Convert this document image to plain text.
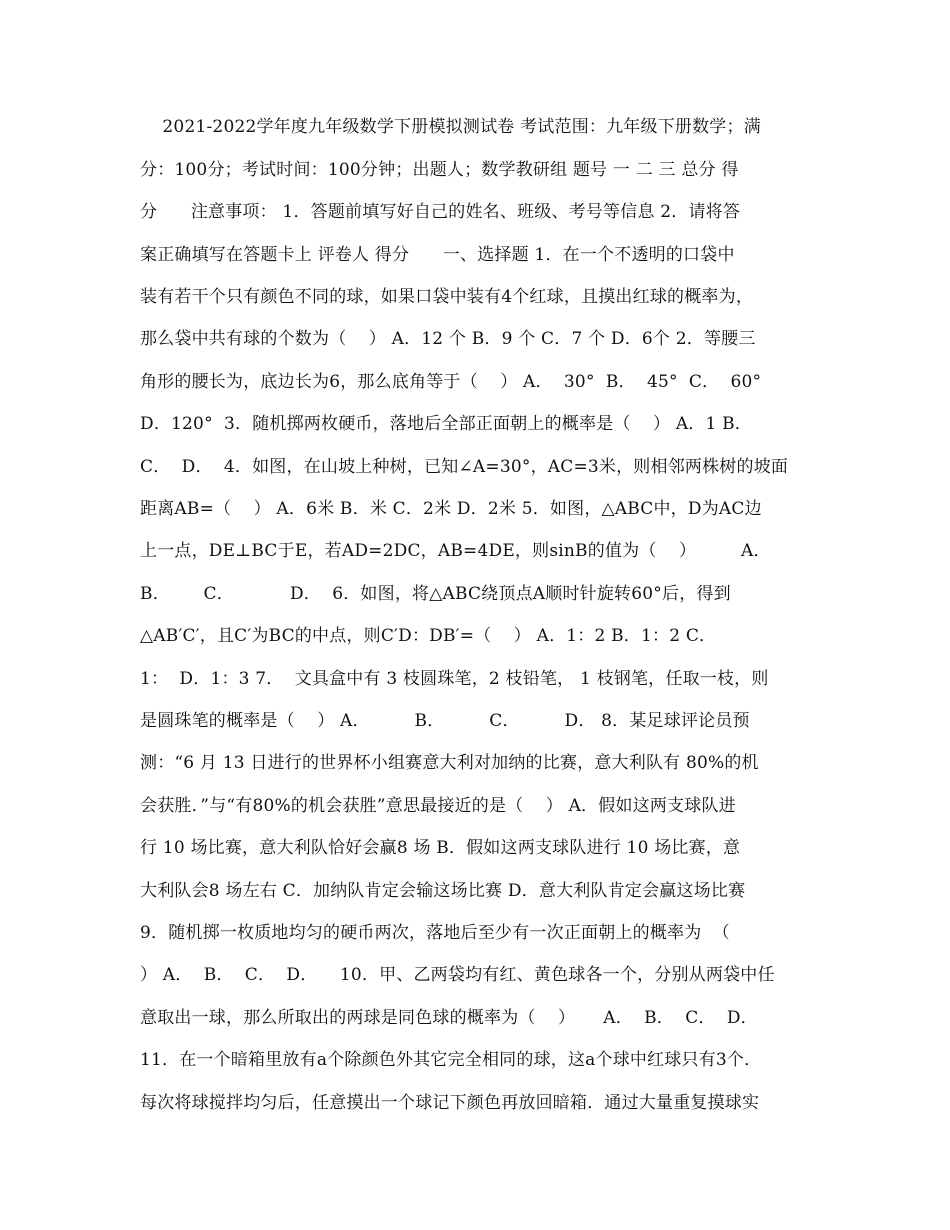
2021-2022学年度九年级数学下册模拟测试卷 考试范围：九年级下册数学；满
分：100分；考试时间：100分钟；出题人；数学教研组 题号 一 二 三 总分 得
分      注意事项： 1．答题前填写好自己的姓名、班级、考号等信息 2．请将答
案正确填写在答题卡上 评卷人 得分      一、选择题 1．在一个不透明的口袋中
装有若干个只有颜色不同的球，如果口袋中装有4个红球，且摸出红球的概率为，
那么袋中共有球的个数为（    ） A．12 个 B．9 个 C．7 个 D．6个 2．等腰三
角形的腰长为，底边长为6，那么底角等于（    ） A．  30°  B．  45°  C．  60°
D．120°  3．随机掷两枚硬币，落地后全部正面朝上的概率是（    ） A．1 B．
C．  D．  4．如图，在山坡上种树，已知∠A=30°，AC=3米，则相邻两株树的坡面
距离AB=（    ） A．6米 B．米 C．2米 D．2米 5．如图，△ABC中，D为AC边
上一点，DE⊥BC于E，若AD=2DC，AB=4DE，则sinB的值为（    ）        A．
B．      C．          D．  6．如图，将△ABC绕顶点A顺时针旋转60°后，得到
△AB′C′，且C′为BC的中点，则C′D：DB′=（    ） A．1：2 B．1：2 C．
1：  D．1：3 7．  文具盒中有 3 枝圆珠笔，2 枝铅笔， 1 枝钢笔，任取一枝，则
是圆珠笔的概率是（    ） A．        B．        C．        D． 8．某足球评论员预
测：“6 月 13 日进行的世界杯小组赛意大利对加纳的比赛，意大利队有 80%的机
会获胜．”与“有80%的机会获胜”意思最接近的是（    ） A．假如这两支球队进
行 10 场比赛，意大利队恰好会赢8 场 B．假如这两支球队进行 10 场比赛，意
大利队会8 场左右 C．加纳队肯定会输这场比赛 D．意大利队肯定会赢这场比赛
9．随机掷一枚质地均匀的硬币两次，落地后至少有一次正面朝上的概率为  （
） A．  B．  C．  D．    10．甲、乙两袋均有红、黄色球各一个，分别从两袋中任
意取出一球，那么所取出的两球是同色球的概率为（    ）     A．  B．  C．  D．
11．在一个暗箱里放有a个除颜色外其它完全相同的球，这a个球中红球只有3个．
每次将球搅拌均匀后，任意摸出一个球记下颜色再放回暗箱．通过大量重复摸球实
